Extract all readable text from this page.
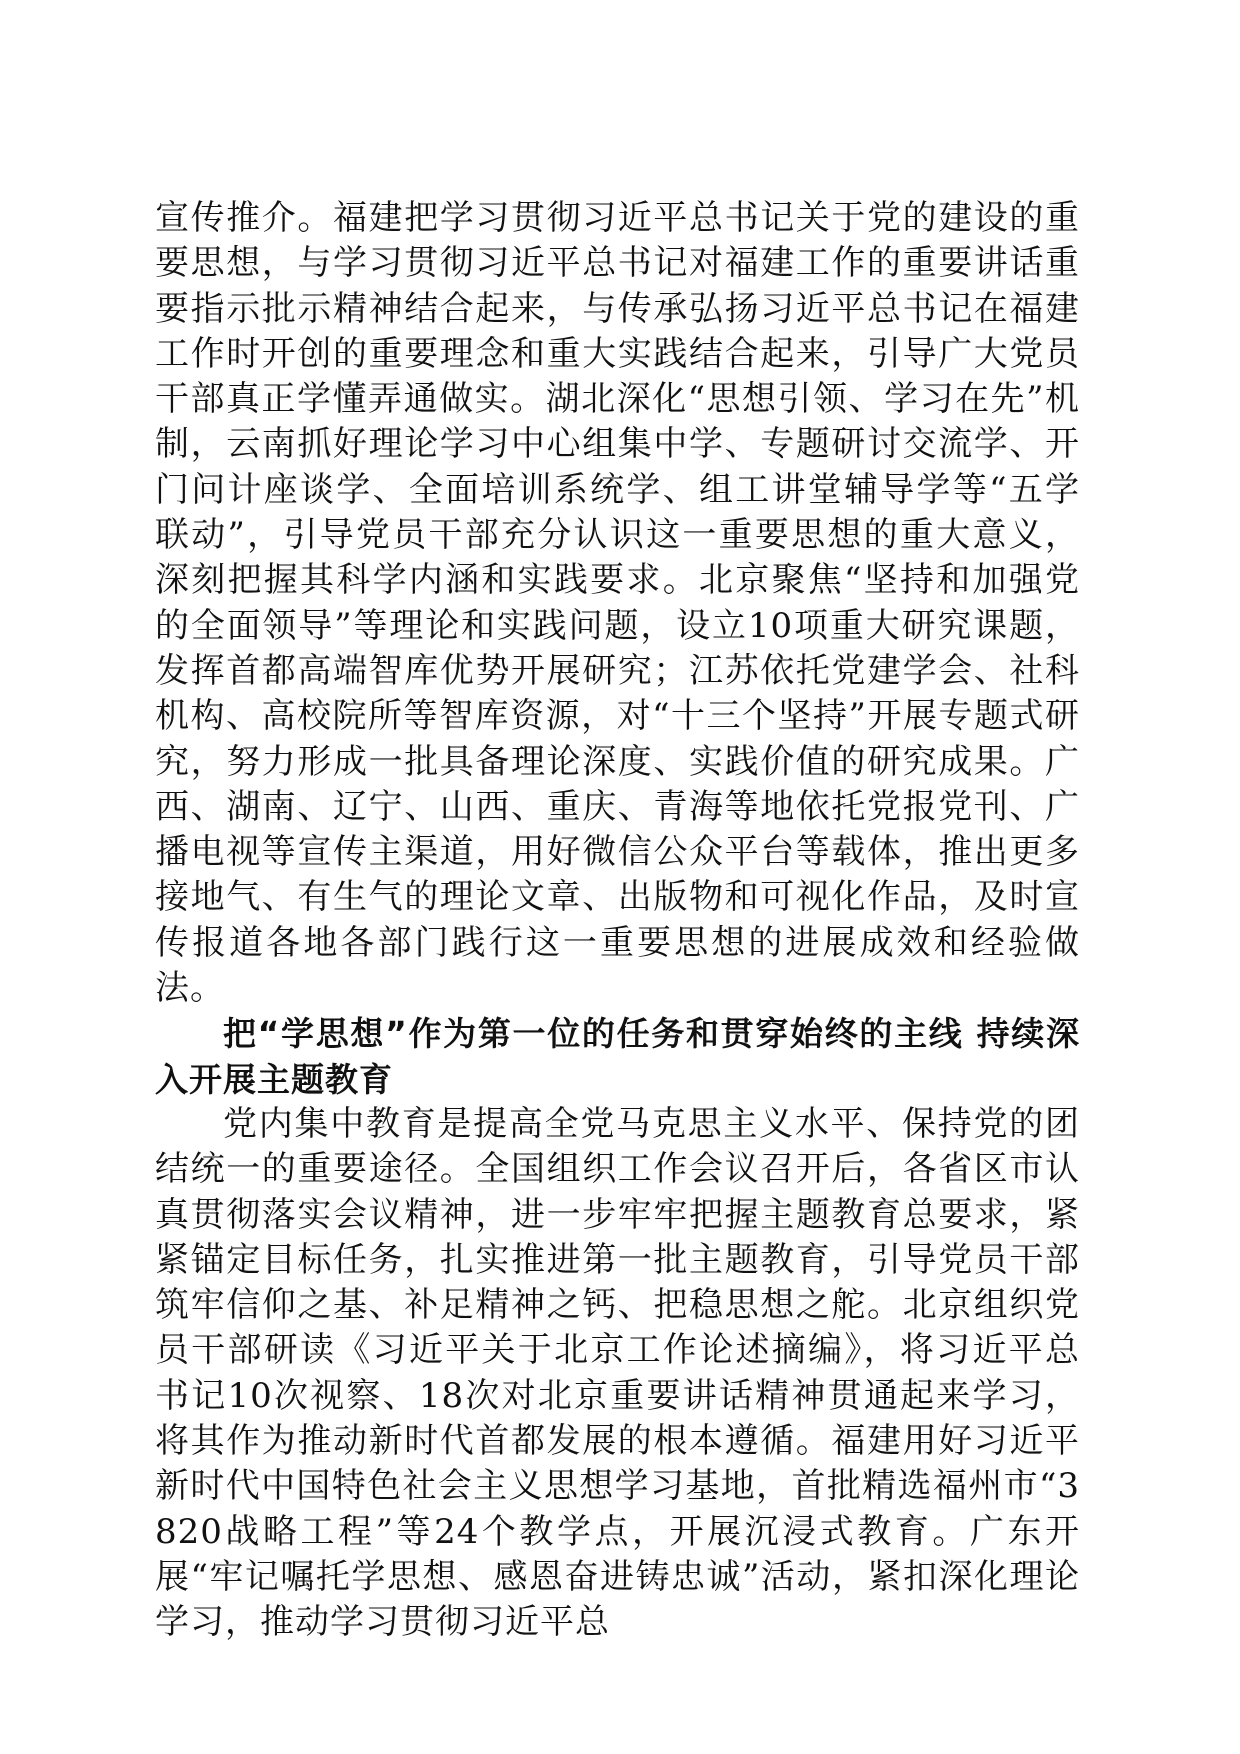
宣传推介。福建把学习贯彻习近平总书记关于党的建设的重要思想，与学习贯彻习近平总书记对福建工作的重要讲话重要指示批示精神结合起来，与传承弘扬习近平总书记在福建工作时开创的重要理念和重大实践结合起来，引导广大党员干部真正学懂弄通做实。湖北深化“思想引领、学习在先”机制，云南抓好理论学习中心组集中学、专题研讨交流学、开门问计座谈学、全面培训系统学、组工讲堂辅导学等“五学联动”，引导党员干部充分认识这一重要思想的重大意义，深刻把握其科学内涵和实践要求。北京聚焦“坚持和加强党的全面领导”等理论和实践问题，设立10项重大研究课题，发挥首都高端智库优势开展研究；江苏依托党建学会、社科机构、高校院所等智库资源，对“十三个坚持”开展专题式研究，努力形成一批具备理论深度、实践价值的研究成果。广西、湖南、辽宁、山西、重庆、青海等地依托党报党刊、广播电视等宣传主渠道，用好微信公众平台等载体，推出更多接地气、有生气的理论文章、出版物和可视化作品，及时宣传报道各地各部门践行这一重要思想的进展成效和经验做法。

把“学思想”作为第一位的任务和贯穿始终的主线 持续深入开展主题教育

党内集中教育是提高全党马克思主义水平、保持党的团结统一的重要途径。全国组织工作会议召开后，各省区市认真贯彻落实会议精神，进一步牢牢把握主题教育总要求，紧紧锚定目标任务，扎实推进第一批主题教育，引导党员干部筑牢信仰之基、补足精神之钙、把稳思想之舵。北京组织党员干部研读《习近平关于北京工作论述摘编》，将习近平总书记10次视察、18次对北京重要讲话精神贯通起来学习，将其作为推动新时代首都发展的根本遵循。福建用好习近平新时代中国特色社会主义思想学习基地，首批精选福州市“3820战略工程”等24个教学点，开展沉浸式教育。广东开展“牢记嘱托学思想、感恩奋进铸忠诚”活动，紧扣深化理论学习，推动学习贯彻习近平总
